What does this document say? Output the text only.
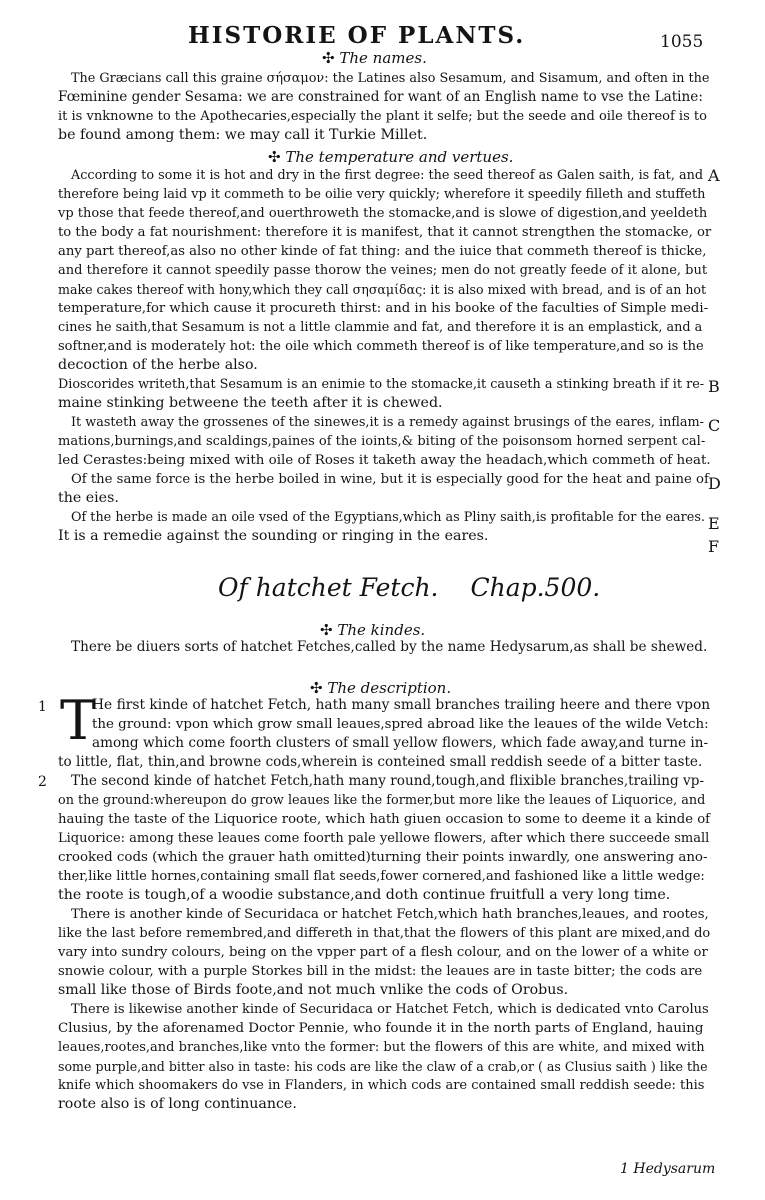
HISTORIE OF PLANTS.	1055
✣ The names.
The Græcians call this graine σήσαμον: the Latines also Sesamum, and Sisamum, and often in the
Fœminine gender Sesama: we are constrained for want of an English name to vse the Latine:
it is vnknowne to the Apothecaries,especially the plant it selfe; but the seede and oile thereof is to
be found among them: we may call it Turkie Millet.
✣ The temperature and vertues.
According to some it is hot and dry in the first degree: the seed thereof as Galen saith, is fat, and
therefore being laid vp it commeth to be oilie very quickly; wherefore it speedily filleth and stuffeth
vp those that feede thereof,and ouerthroweth the stomacke,and is slowe of digestion,and yeeldeth
to the body a fat nourishment: therefore it is manifest, that it cannot strengthen the stomacke, or
any part thereof,as also no other kinde of fat thing: and the iuice that commeth thereof is thicke,
and therefore it cannot speedily passe thorow the veines; men do not greatly feede of it alone, but
make cakes thereof with hony,which they call σησαμίδας: it is also mixed with bread, and is of an hot
temperature,for which cause it procureth thirst: and in his booke of the faculties of Simple medi-
cines he saith,that Sesamum is not a little clammie and fat, and therefore it is an emplastick, and a
softner,and is moderately hot: the oile which commeth thereof is of like temperature,and so is the
decoction of the herbe also.
Dioscorides writeth,that Sesamum is an enimie to the stomacke,it causeth a stinking breath if it re-
maine stinking betweene the teeth after it is chewed.
It wasteth away the grossenes of the sinewes,it is a remedy against brusings of the eares, inflam-
mations,burnings,and scaldings,paines of the ioints,& biting of the poisonsom horned serpent cal-
led Cerastes:being mixed with oile of Roses it taketh away the headach,which commeth of heat.
Of the same force is the herbe boiled in wine, but it is especially good for the heat and paine of
the eies.
Of the herbe is made an oile vsed of the Egyptians,which as Pliny saith,is profitable for the eares.
It is a remedie against the sounding or ringing in the eares.
A
B
C
D
E
F
Of hatchet Fetch. Chap.500.
✣ The kindes.
There be diuers sorts of hatchet Fetches,called by the name Hedysarum,as shall be shewed.
✣ The description.
1 T
He first kinde of hatchet Fetch, hath many small branches trailing heere and there vpon
the ground: vpon which grow small leaues,spred abroad like the leaues of the wilde Vetch:
among which come foorth clusters of small yellow flowers, which fade away,and turne in-
to little, flat, thin,and browne cods,wherein is conteined small reddish seede of a bitter taste.
2	The second kinde of hatchet Fetch,hath many round,tough,and flixible branches,trailing vp-
on the ground:whereupon do grow leaues like the former,but more like the leaues of Liquorice, and
hauing the taste of the Liquorice roote, which hath giuen occasion to some to deeme it a kinde of
Liquorice: among these leaues come foorth pale yellowe flowers, after which there succeede small
crooked cods (which the grauer hath omitted)turning their points inwardly, one answering ano-
ther,like little hornes,containing small flat seeds,fower cornered,and fashioned like a little wedge:
the roote is tough,of a woodie substance,and doth continue fruitfull a very long time.
There is another kinde of Securidaca or hatchet Fetch,which hath branches,leaues, and rootes,
like the last before remembred,and differeth in that,that the flowers of this plant are mixed,and do
vary into sundry colours, being on the vpper part of a flesh colour, and on the lower of a white or
snowie colour, with a purple Storkes bill in the midst: the leaues are in taste bitter; the cods are
small like those of Birds foote,and not much vnlike the cods of Orobus.
There is likewise another kinde of Securidaca or Hatchet Fetch, which is dedicated vnto Carolus
Clusius, by the aforenamed Doctor Pennie, who founde it in the north parts of England, hauing
leaues,rootes,and branches,like vnto the former: but the flowers of this are white, and mixed with
some purple,and bitter also in taste: his cods are like the claw of a crab,or ( as Clusius saith ) like the
knife which shoomakers do vse in Flanders, in which cods are contained small reddish seede: this
roote also is of long continuance.
1 Hedysarum
